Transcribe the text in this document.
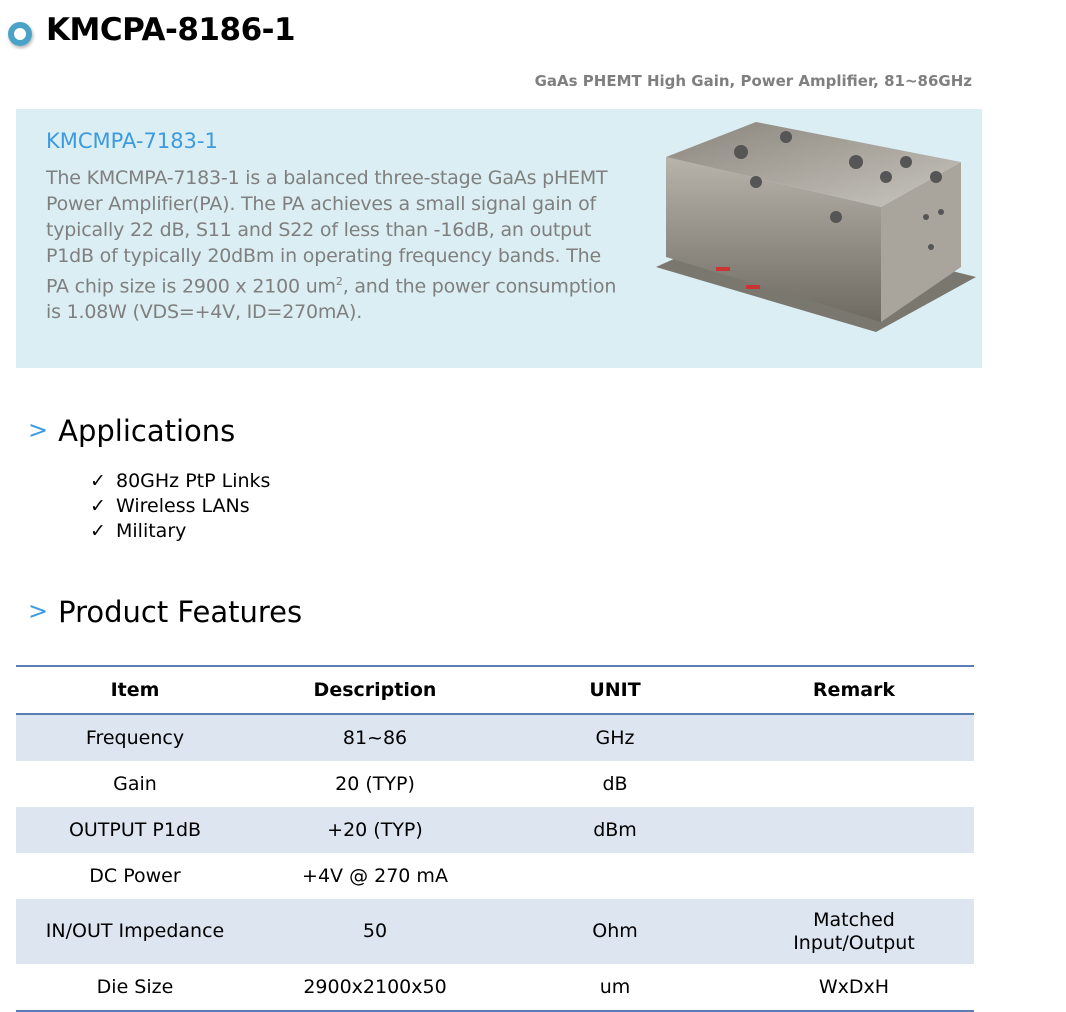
KMCPA-8186-1
GaAs PHEMT High Gain, Power Amplifier, 81~86GHz
KMCMPA-7183-1
The KMCMPA-7183-1 is a balanced three-stage GaAs pHEMT Power Amplifier(PA). The PA achieves a small signal gain of typically 22 dB, S11 and S22 of less than -16dB, an output P1dB of typically 20dBm in operating frequency bands. The PA chip size is 2900 x 2100 $um^2$, and the power consumption is 1.08W (VDS=+4V, ID=270mA).
> Applications
✓ 80GHz PtP Links
✓ Wireless LANs
✓ Military
> Product Features
Item	Description	UNIT	Remark
Frequency	81~86	GHz	
Gain	20 (TYP)	dB	
OUTPUT P1dB	+20 (TYP)	dBm	
DC Power	+4V @ 270 mA		
IN/OUT Impedance	50	Ohm	Matched
Input/Output
Die Size	2900x2100x50	um	WxDxH
